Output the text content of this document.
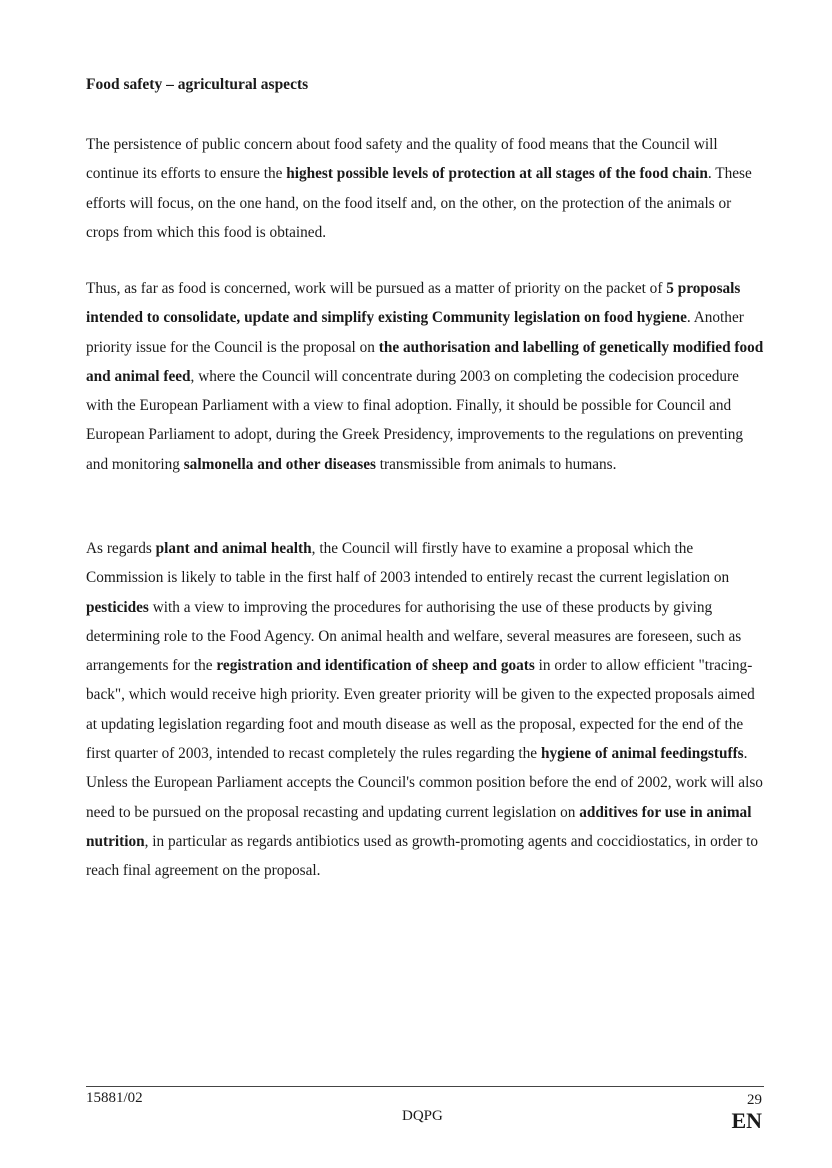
Food safety – agricultural aspects

The persistence of public concern about food safety and the quality of food means that the Council will continue its efforts to ensure the highest possible levels of protection at all stages of the food chain. These efforts will focus, on the one hand, on the food itself and, on the other, on the protection of the animals or crops from which this food is obtained.

Thus, as far as food is concerned, work will be pursued as a matter of priority on the packet of 5 proposals intended to consolidate, update and simplify existing Community legislation on food hygiene. Another priority issue for the Council is the proposal on the authorisation and labelling of genetically modified food and animal feed, where the Council will concentrate during 2003 on completing the codecision procedure with the European Parliament with a view to final adoption. Finally, it should be possible for Council and European Parliament to adopt, during the Greek Presidency, improvements to the regulations on preventing and monitoring salmonella and other diseases transmissible from animals to humans.

As regards plant and animal health, the Council will firstly have to examine a proposal which the Commission is likely to table in the first half of 2003 intended to entirely recast the current legislation on pesticides with a view to improving the procedures for authorising the use of these products by giving determining role to the Food Agency. On animal health and welfare, several measures are foreseen, such as arrangements for the registration and identification of sheep and goats in order to allow efficient "tracing-back", which would receive high priority. Even greater priority will be given to the expected proposals aimed at updating legislation regarding foot and mouth disease as well as the proposal, expected for the end of the first quarter of 2003, intended to recast completely the rules regarding the hygiene of animal feedingstuffs. Unless the European Parliament accepts the Council's common position before the end of 2002, work will also need to be pursued on the proposal recasting and updating current legislation on additives for use in animal nutrition, in particular as regards antibiotics used as growth-promoting agents and coccidiostatics, in order to reach final agreement on the proposal.

15881/02
DQPG
29
EN
